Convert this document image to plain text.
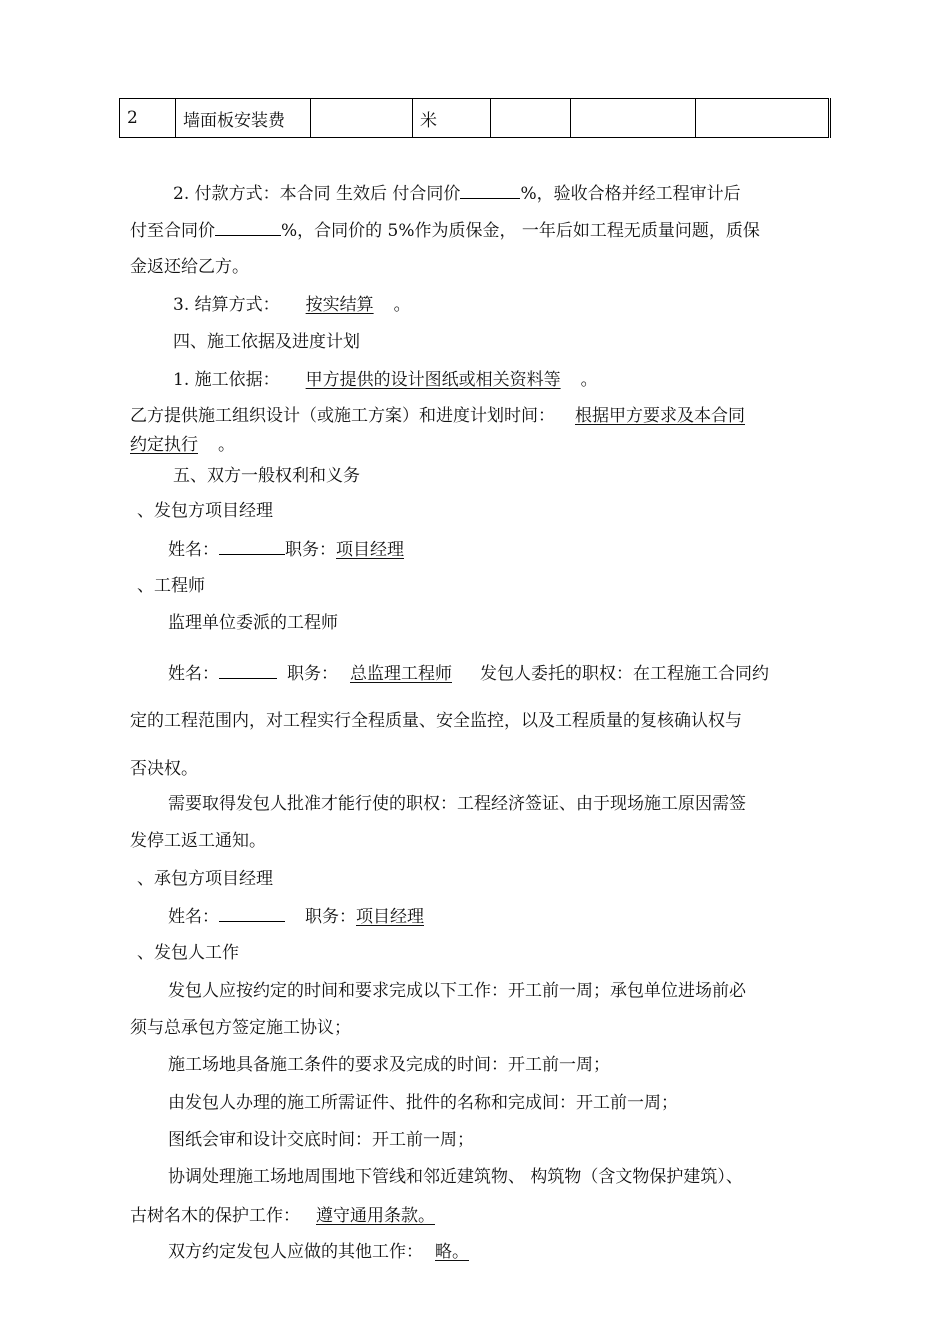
2	墙面板安装费		米			
2. 付款方式：本合同 生效后 付合同价	%，验收合格并经工程审计后
付至合同价	%，合同价的 5%作为质保金， 一年后如工程无质量问题，质保
金返还给乙方。
3. 结算方式： 按实结算 。
四、施工依据及进度计划
1. 施工依据： 甲方提供的设计图纸或相关资料等 。
乙方提供施工组织设计（或施工方案）和进度计划时间： 根据甲方要求及本合同
约定执行 。
五、双方一般权利和义务
、发包方项目经理
姓名：	职务：项目经理
、工程师
监理单位委派的工程师
姓名：	职务： 总监理工程师 发包人委托的职权：在工程施工合同约
定的工程范围内，对工程实行全程质量、安全监控，以及工程质量的复核确认权与
否决权。
需要取得发包人批准才能行使的职权：工程经济签证、由于现场施工原因需签
发停工返工通知。
、承包方项目经理
姓名：	职务：项目经理
、发包人工作
发包人应按约定的时间和要求完成以下工作：开工前一周；承包单位进场前必
须与总承包方签定施工协议；
施工场地具备施工条件的要求及完成的时间：开工前一周；
由发包人办理的施工所需证件、批件的名称和完成间：开工前一周；
图纸会审和设计交底时间：开工前一周；
协调处理施工场地周围地下管线和邻近建筑物、 构筑物（含文物保护建筑）、
古树名木的保护工作： 遵守通用条款。
双方约定发包人应做的其他工作： 略。
